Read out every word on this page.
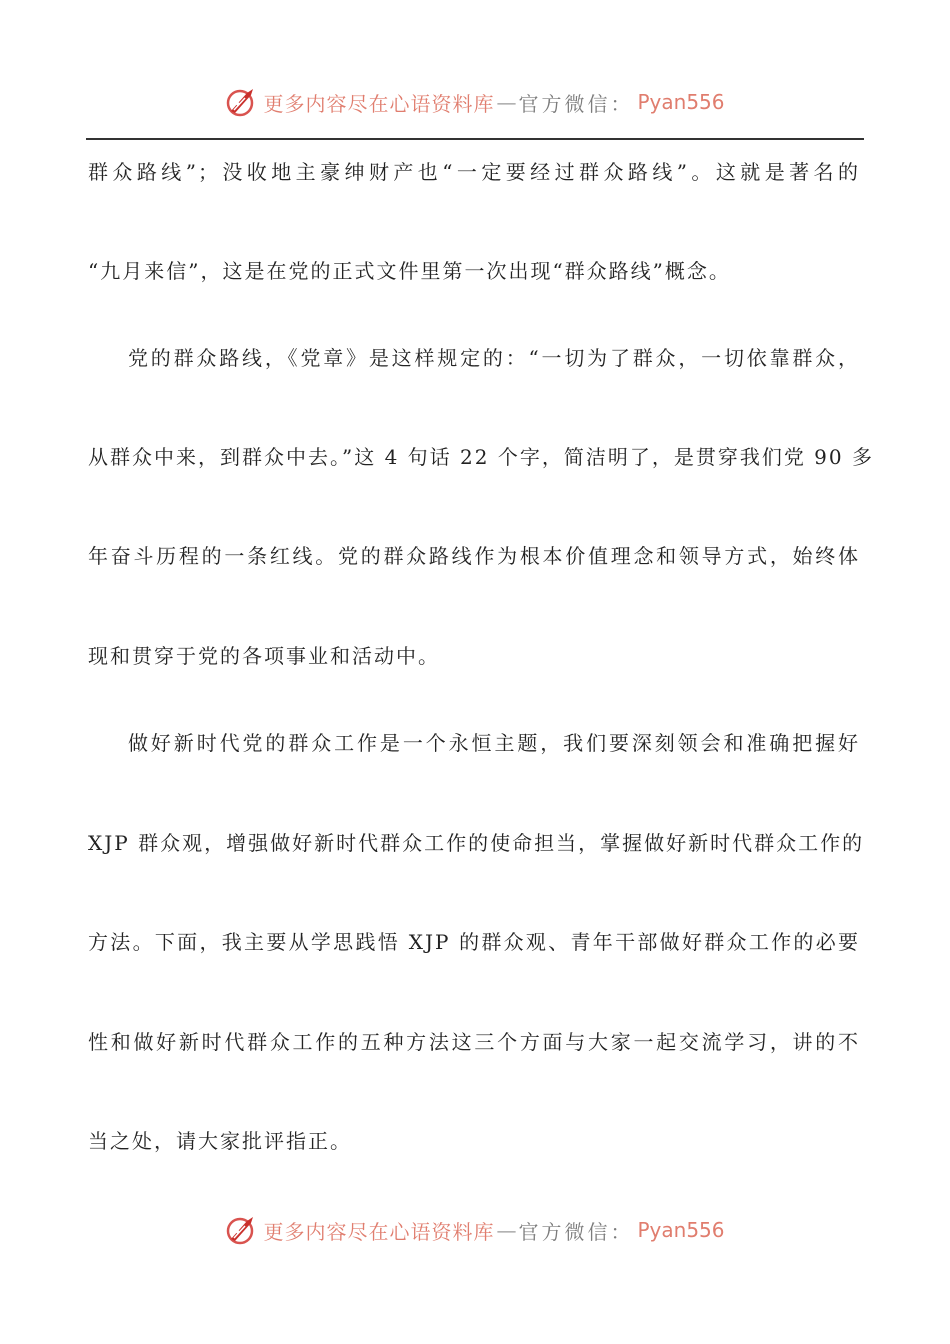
更多内容尽在心语资料库 — 官方微信： Pyan556
群众路线”；没收地主豪绅财产也“一定要经过群众路线”。这就是著名的
“九月来信”，这是在党的正式文件里第一次出现“群众路线”概念。
党的群众路线，《党章》是这样规定的：“一切为了群众，一切依靠群众，
从群众中来，到群众中去。”这 4 句话 22 个字，简洁明了，是贯穿我们党 90 多
年奋斗历程的一条红线。党的群众路线作为根本价值理念和领导方式，始终体
现和贯穿于党的各项事业和活动中。
做好新时代党的群众工作是一个永恒主题，我们要深刻领会和准确把握好
XJP 群众观，增强做好新时代群众工作的使命担当，掌握做好新时代群众工作的
方法。下面，我主要从学思践悟 XJP 的群众观、青年干部做好群众工作的必要
性和做好新时代群众工作的五种方法这三个方面与大家一起交流学习，讲的不
当之处，请大家批评指正。
更多内容尽在心语资料库 — 官方微信： Pyan556
